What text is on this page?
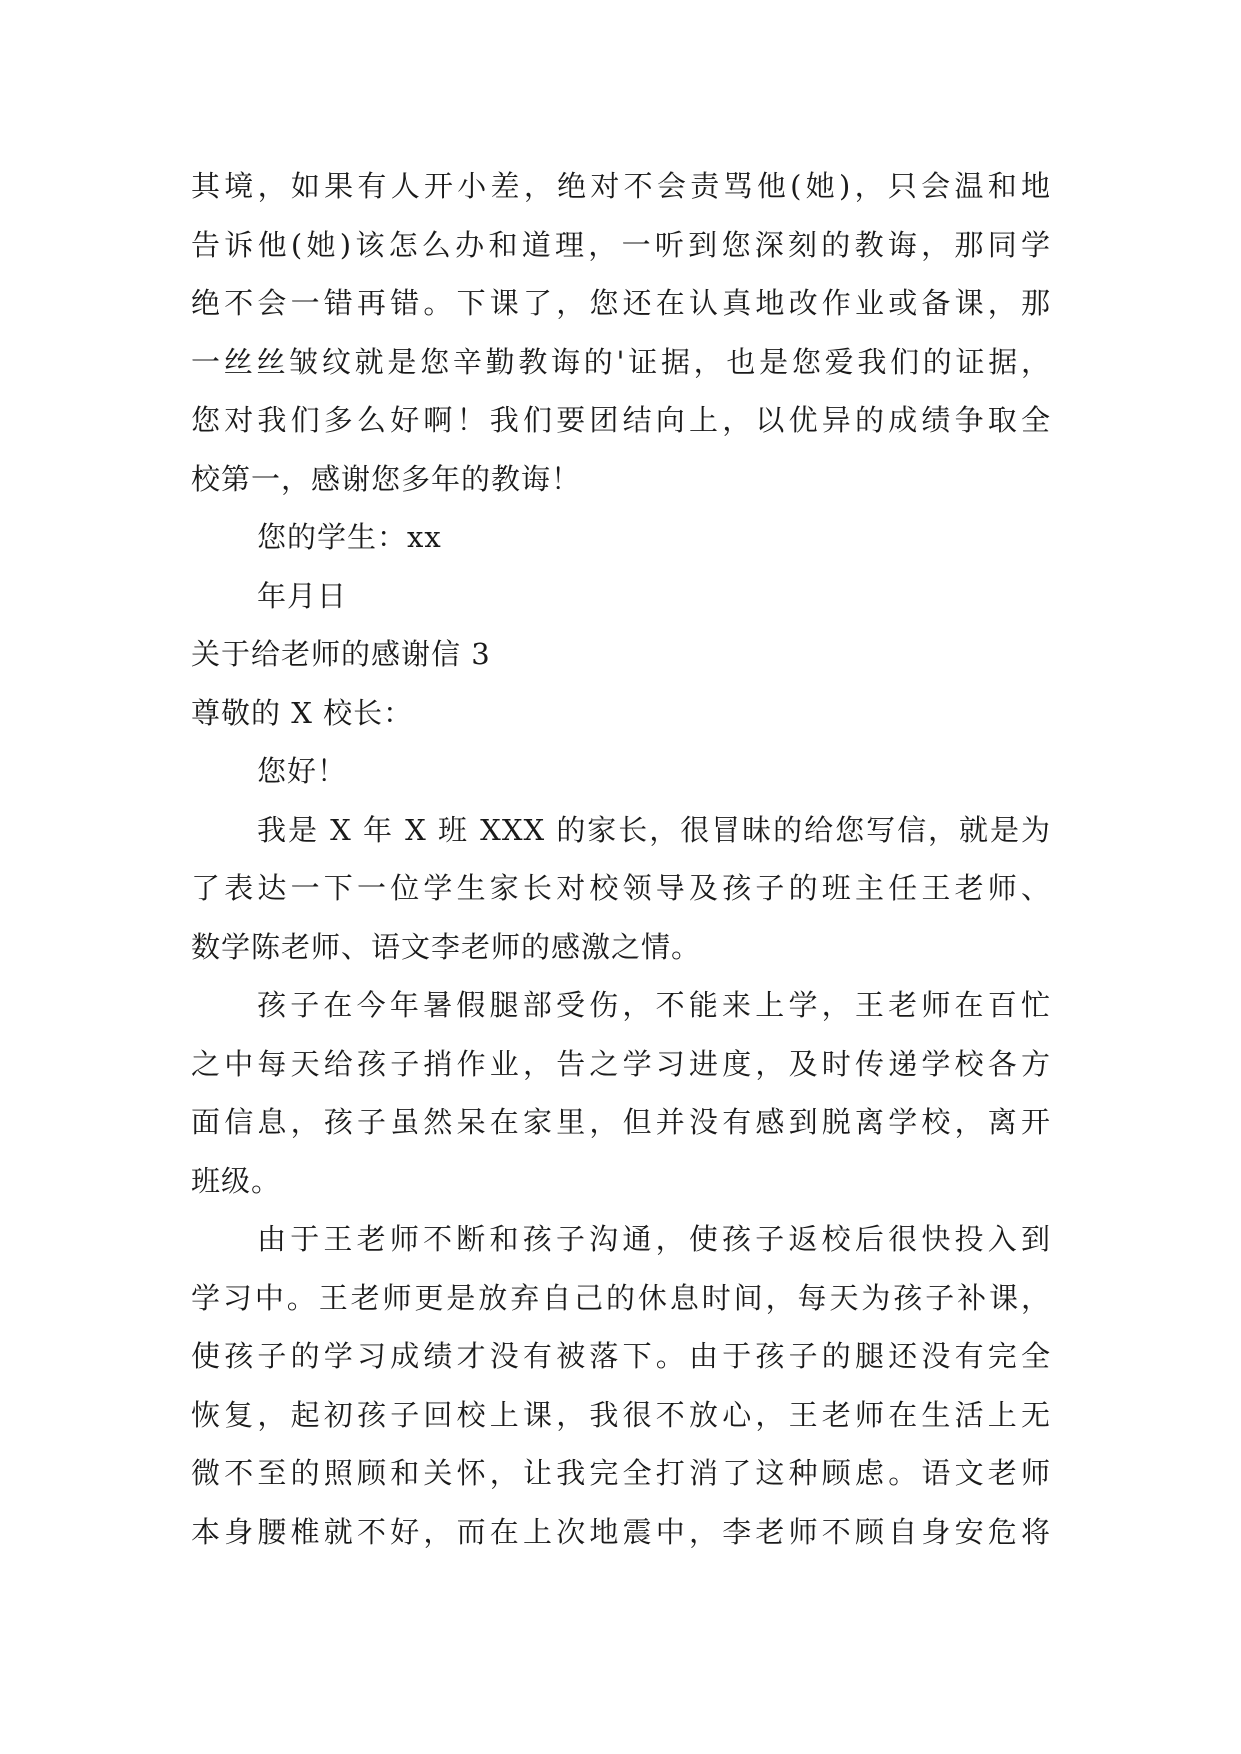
其境，如果有人开小差，绝对不会责骂他(她)，只会温和地
告诉他(她)该怎么办和道理，一听到您深刻的教诲，那同学
绝不会一错再错。下课了，您还在认真地改作业或备课，那
一丝丝皱纹就是您辛勤教诲的'证据，也是您爱我们的证据，
您对我们多么好啊！我们要团结向上，以优异的成绩争取全
校第一，感谢您多年的教诲！
您的学生：xx
年月日
关于给老师的感谢信 3
尊敬的 X 校长：
您好！
我是 X 年 X 班 XXX 的家长，很冒昧的给您写信，就是为
了表达一下一位学生家长对校领导及孩子的班主任王老师、
数学陈老师、语文李老师的感激之情。
孩子在今年暑假腿部受伤，不能来上学，王老师在百忙
之中每天给孩子捎作业，告之学习进度，及时传递学校各方
面信息，孩子虽然呆在家里，但并没有感到脱离学校，离开
班级。
由于王老师不断和孩子沟通，使孩子返校后很快投入到
学习中。王老师更是放弃自己的休息时间，每天为孩子补课，
使孩子的学习成绩才没有被落下。由于孩子的腿还没有完全
恢复，起初孩子回校上课，我很不放心，王老师在生活上无
微不至的照顾和关怀，让我完全打消了这种顾虑。语文老师
本身腰椎就不好，而在上次地震中，李老师不顾自身安危将
